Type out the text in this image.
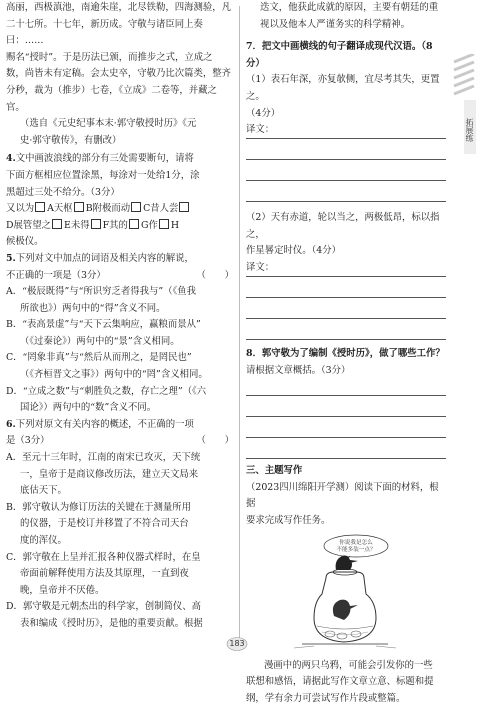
高丽，西极滇池，南逾朱崖，北尽铁勒，四海测验，凡
二十七所。十七年，新历成。守敬与诸臣同上奏曰：……
赐名“授时”。于是历法已颁，而推步之式，立成之
数，尚皆未有定稿。会太史卒，守敬乃比次篇类，整齐
分秒，裁为（推步）七卷，《立成》二卷等，并藏之官。
（选自《元史纪事本末·郭守敬授时历》《元
史·郭守敬传》，有删改）
4.文中画波浪线的部分有三处需要断句，请将
下面方框相应位置涂黑，每涂对一处给1分，涂
黑超过三处不给分。（3分）
又以为 A天枢 B附极而动 C昔人尝
D展管望之 E未得 F其的 G作 H
候极仪。
5.下列对文中加点的词语及相关内容的解说，
不正确的一项是（3分）	（　　）
A．“极辰既得”与“所识穷乏者得我与”（《鱼我
所欲也》）两句中的“得”含义不同。
B．“表高景虚”与“天下云集响应，赢粮而景从”
（《过秦论》）两句中的“景”含义相同。
C．“罔象非真”与“然后从而刑之，是罔民也”
（《齐桓晋文之事》）两句中的“罔”含义相同。
D．“立成之数”与“刺胜负之数，存亡之理”（《六
国论》）两句中的“数”含义不同。
6.下列对原文有关内容的概述，不正确的一项
是（3分）	（　　）
A．至元十三年时，江南的南宋已攻灭，天下统
一，皇帝于是商议修改历法，建立天文局来
底估天下。
B．郭守敬认为修订历法的关键在于测量所用
的仪器，于是校订并移置了不符合司天台
度的浑仪。
C．郭守敬在上呈并汇报各种仪器式样时，在皇
帝面前解释使用方法及其原理，一直到夜
晚，皇帝并不厌倦。
D．郭守敬是元朝杰出的科学家，创制简仪、高
表和编成《授时历》，是他的重要贡献。根据
迭文，他获此成就的原因，主要有朝廷的重
视以及他本人严谨务实的科学精神。
7．把文中画横线的句子翻译成现代汉语。（8分）
（1）表石年深，亦复欹侧，宜尽考其失，更置之。
（4分）
译文：
（2）天有赤道，轮以当之，两极低昂，标以指之，
作星晷定时仪。（4分）
译文：
8．郭守敬为了编制《授时历》，做了哪些工作？
请根据文章概括。（3分）
三、主题写作
（2023四川绵阳开学测）阅读下面的材料，根据
要求完成写作任务。
你说我是怎么
不能多装一点？
漫画中的两只乌鸦，可能会引发你的一些
联想和感悟，请据此写作文章立意、标题和提
纲，学有余力可尝试写作片段或整篇。
拓展练
183
